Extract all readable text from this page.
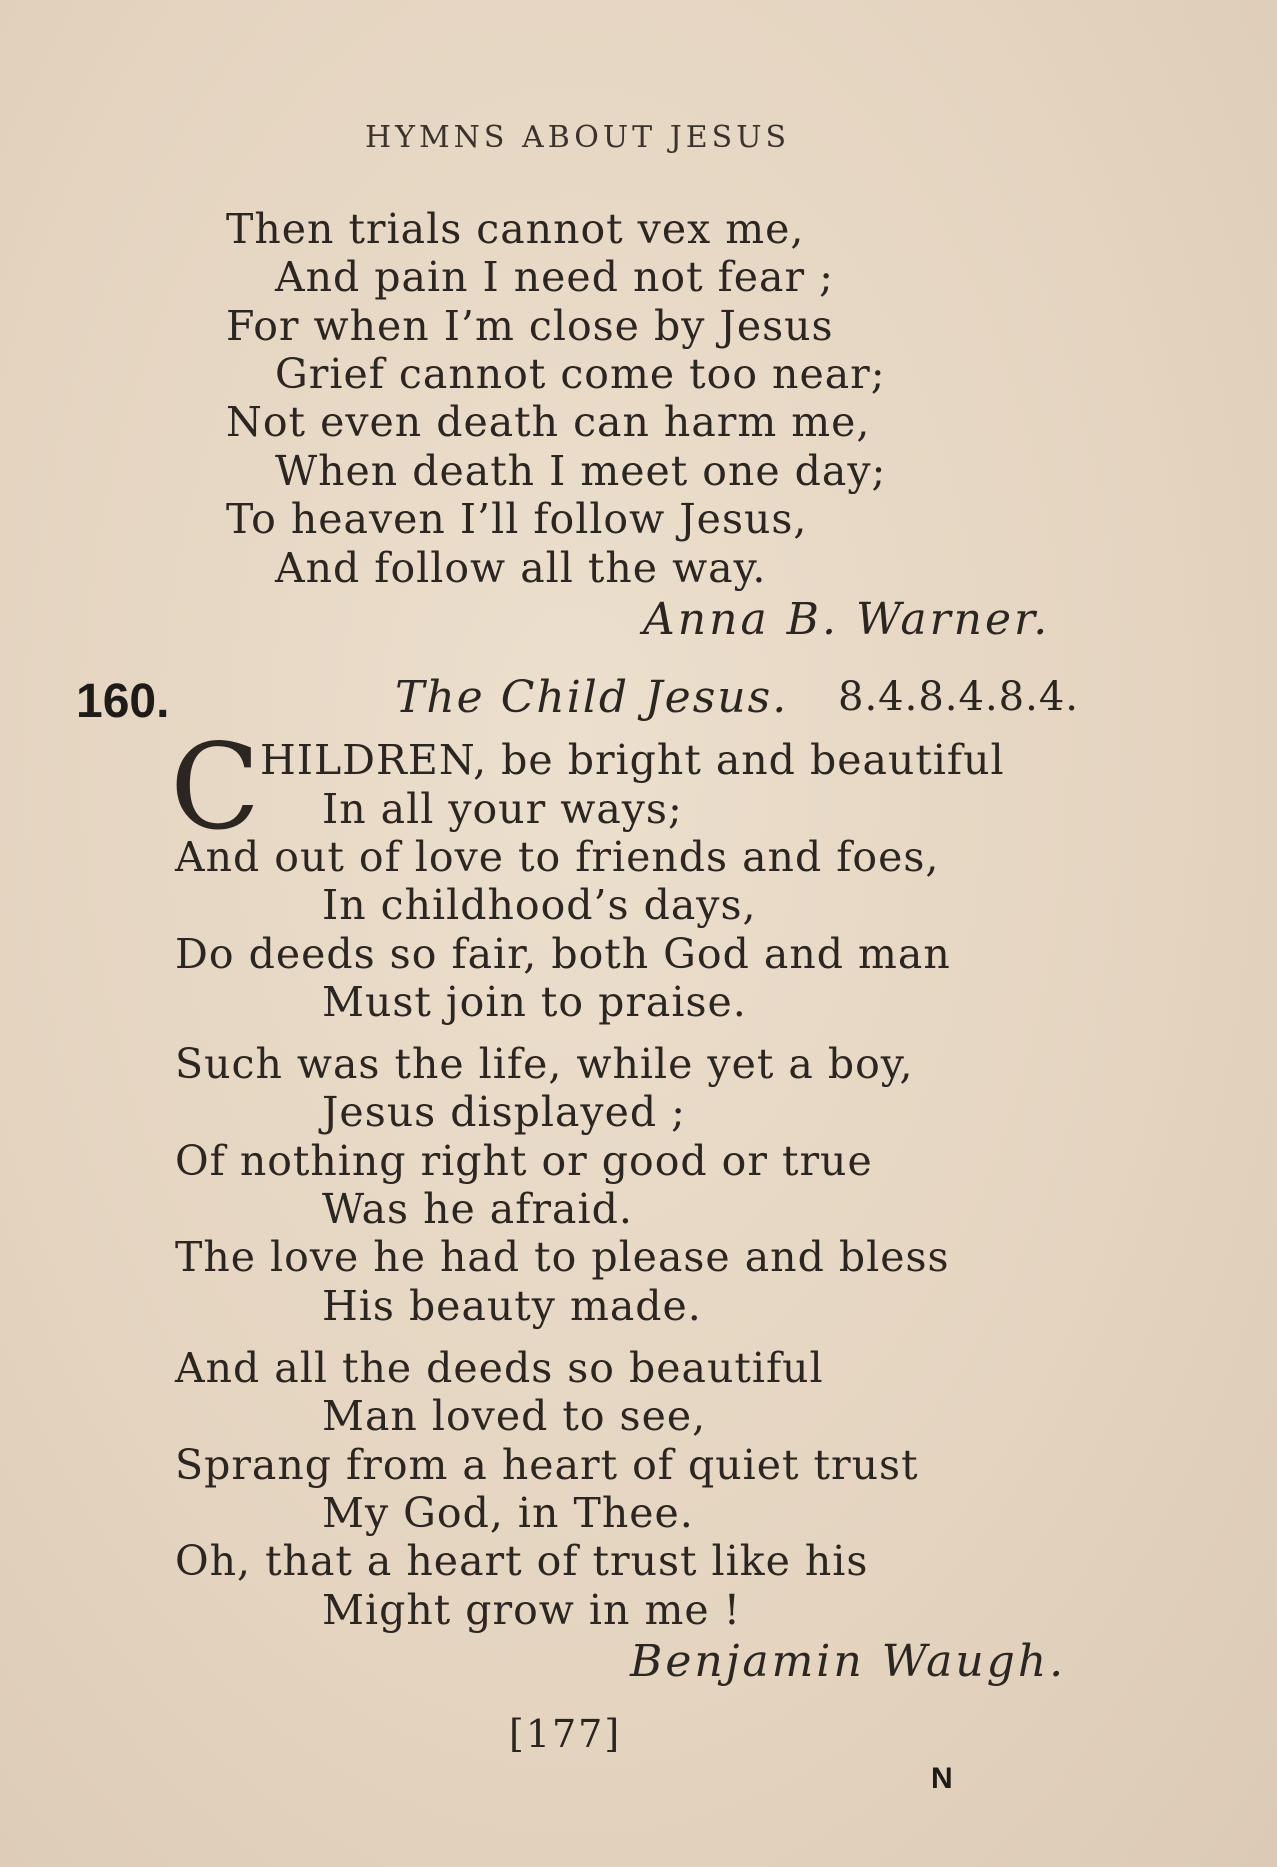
HYMNS ABOUT JESUS
Then trials cannot vex me,
And pain I need not fear ;
For when I’m close by Jesus
Grief cannot come too near;
Not even death can harm me,
When death I meet one day;
To heaven I’ll follow Jesus,
And follow all the way.
Anna B. Warner.
160.	The Child Jesus. 8.4.8.4.8.4.
C HILDREN, be bright and beautiful
In all your ways;
And out of love to friends and foes,
In childhood’s days,
Do deeds so fair, both God and man
Must join to praise.
Such was the life, while yet a boy,
Jesus displayed ;
Of nothing right or good or true
Was he afraid.
The love he had to please and bless
His beauty made.
And all the deeds so beautiful
Man loved to see,
Sprang from a heart of quiet trust
My God, in Thee.
Oh, that a heart of trust like his
Might grow in me !
Benjamin Waugh.
[177]
N
